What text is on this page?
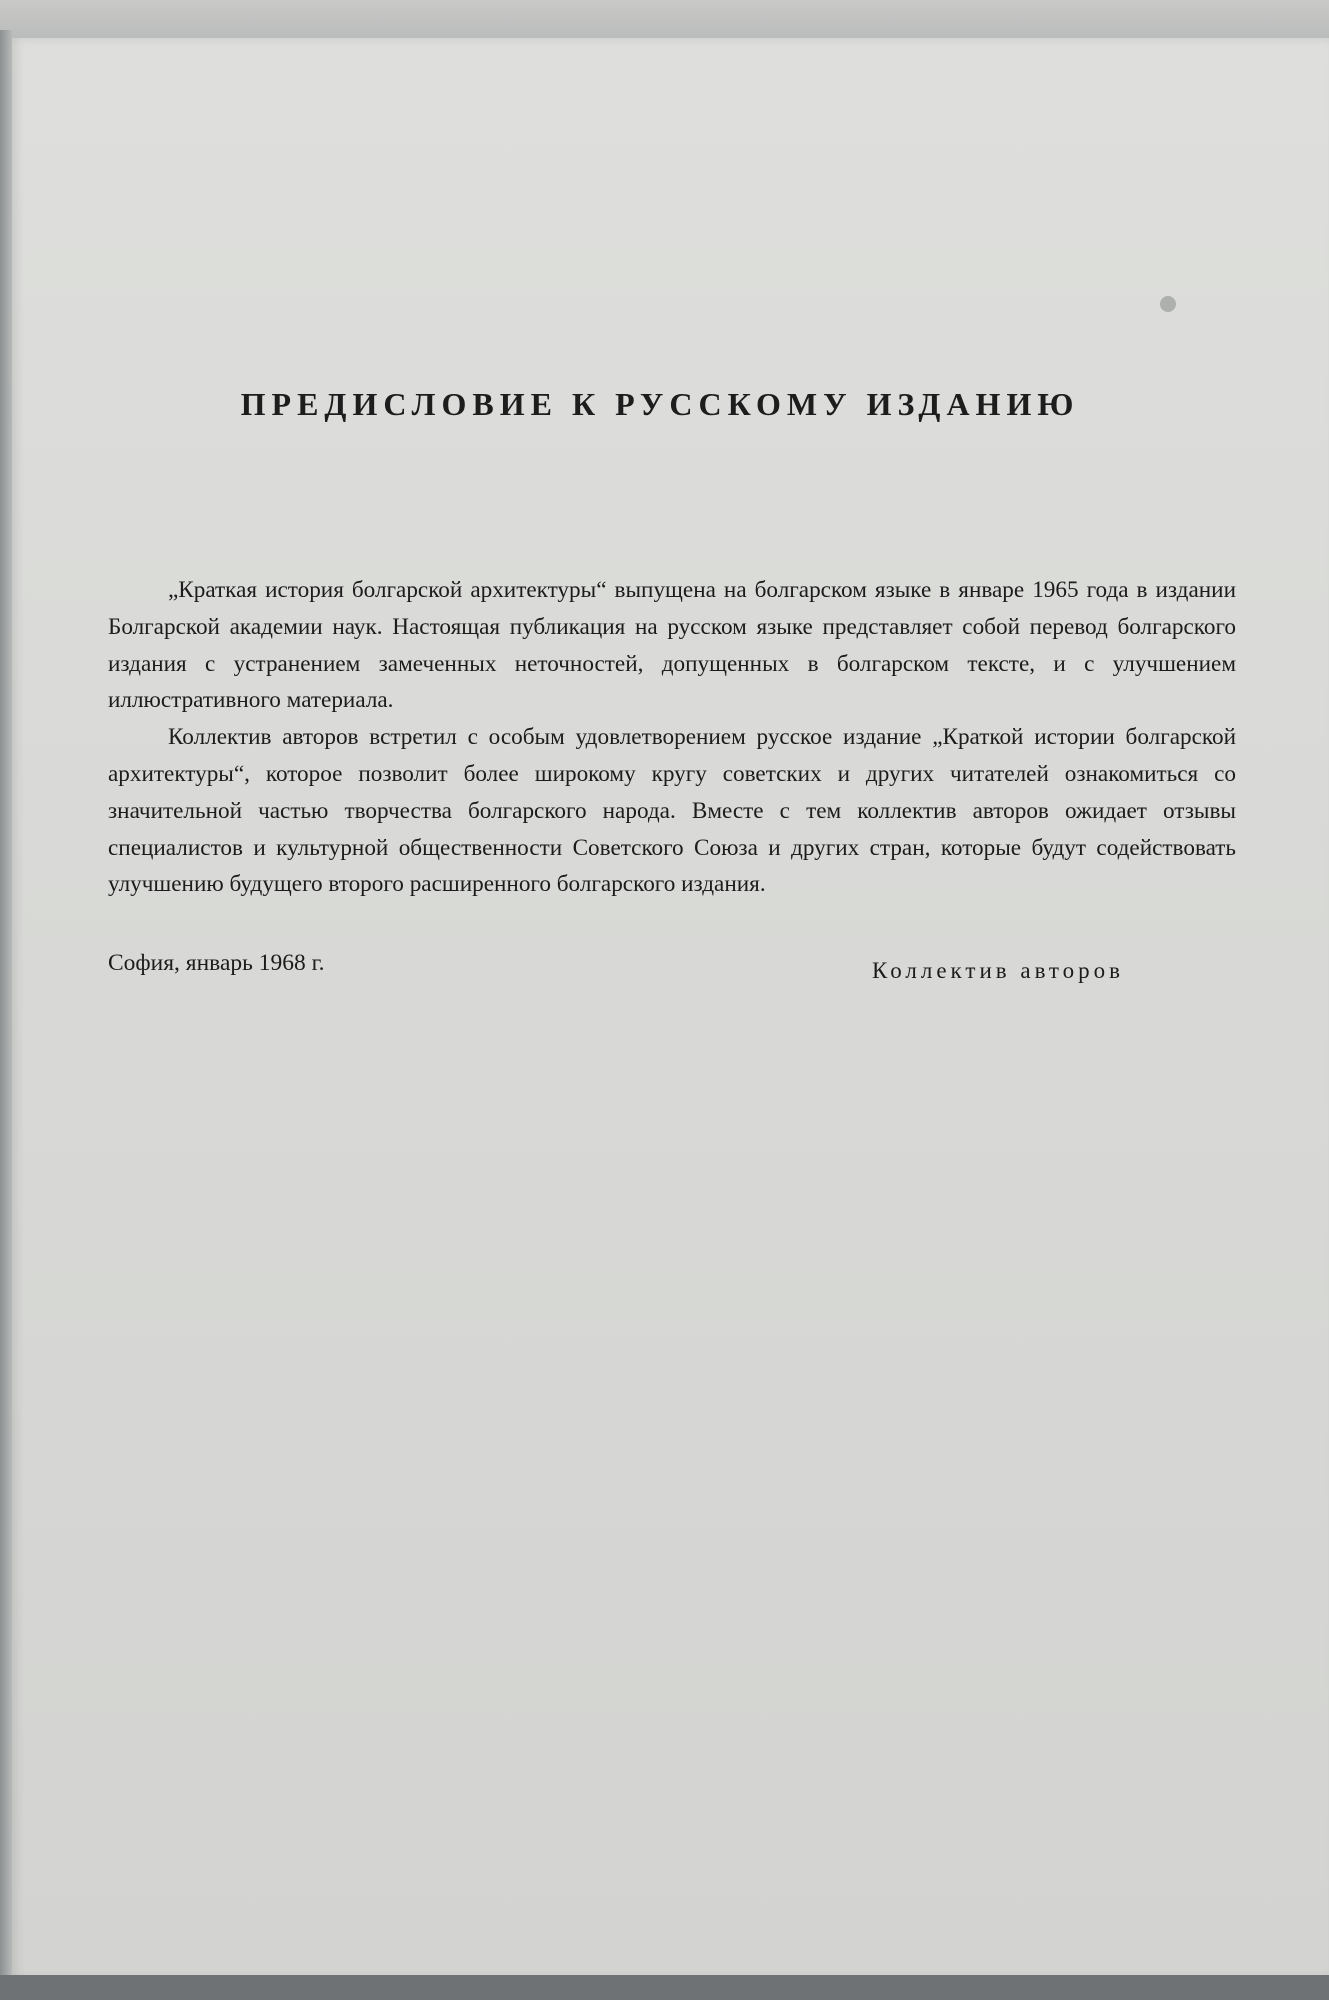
ПРЕДИСЛОВИЕ К РУССКОМУ ИЗДАНИЮ

„Краткая история болгарской архитектуры“ выпущена на болгарском языке в январе 1965 года в издании Болгарской академии наук. Настоящая публикация на русском языке представляет собой перевод болгарского издания с устранением замеченных неточностей, допущенных в болгарском тексте, и с улучшением иллюстративного материала.

Коллектив авторов встретил с особым удовлетворением русское издание „Краткой истории болгарской архитектуры“, которое позволит более широкому кругу советских и других читателей ознакомиться со значительной частью творчества болгарского народа. Вместе с тем коллектив авторов ожидает отзывы специалистов и культурной общественности Советского Союза и других стран, которые будут содействовать улучшению будущего второго расширенного болгарского издания.

София, январь 1968 г.	Коллектив авторов
